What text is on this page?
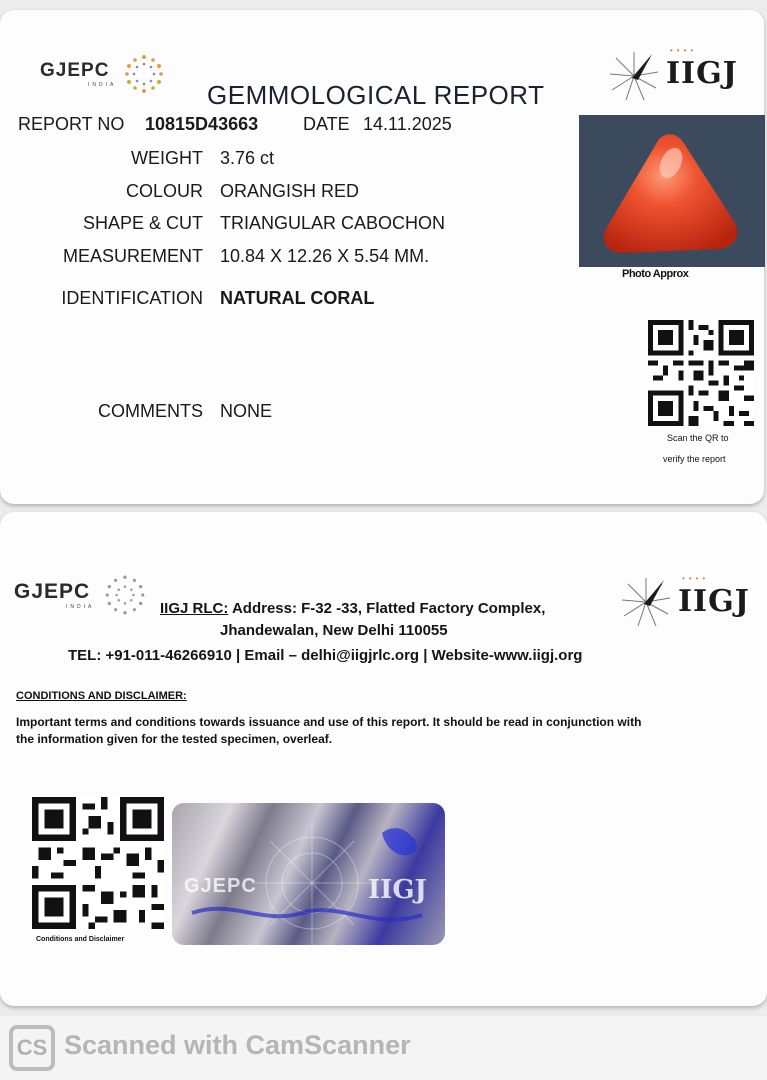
GJEPC
INDIA
••••
IIGJ
GEMMOLOGICAL REPORT
REPORT NO 10815D43663 DATE 14.11.2025
WEIGHT 3.76 ct
COLOUR ORANGISH RED
SHAPE & CUT TRIANGULAR CABOCHON
MEASUREMENT 10.84 X 12.26 X 5.54 MM.
IDENTIFICATION NATURAL CORAL
COMMENTS NONE
Photo Approx
Scan the QR to
verify the report
GJEPC
INDIA
••••
IIGJ
IIGJ RLC: Address: F-32 -33, Flatted Factory Complex,
Jhandewalan, New Delhi 110055
TEL: +91-011-46266910 | Email – delhi@iigjrlc.org | Website-www.iigj.org
CONDITIONS AND DISCLAIMER:
Important terms and conditions towards issuance and use of this report. It should be read in conjunction with
the information given for the tested specimen, overleaf.
Conditions and Disclaimer
GJEPC	IIGJ
CS Scanned with CamScanner
